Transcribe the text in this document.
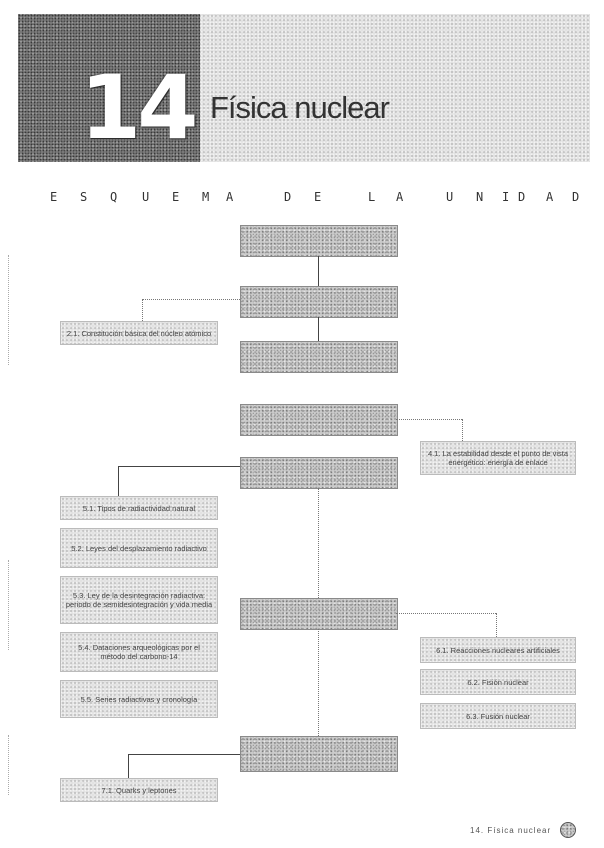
14 Física nuclear
E S Q U E M A	D E	L A	U N I D A D
2.1. Constitución básica del núcleo atómico
5.1. Tipos de radiactividad natural
5.2. Leyes del desplazamiento radiactivo
5.3. Ley de la desintegración radiactiva: periodo de semidesintegración y vida media
5.4. Dataciones arqueológicas por el método del carbono-14
5.5. Series radiactivas y cronología
7.1. Quarks y leptones
4.1. La estabilidad desde el punto de vista energético: energía de enlace
6.1. Reacciones nucleares artificiales
6.2. Fisión nuclear
6.3. Fusión nuclear
14. Física nuclear
